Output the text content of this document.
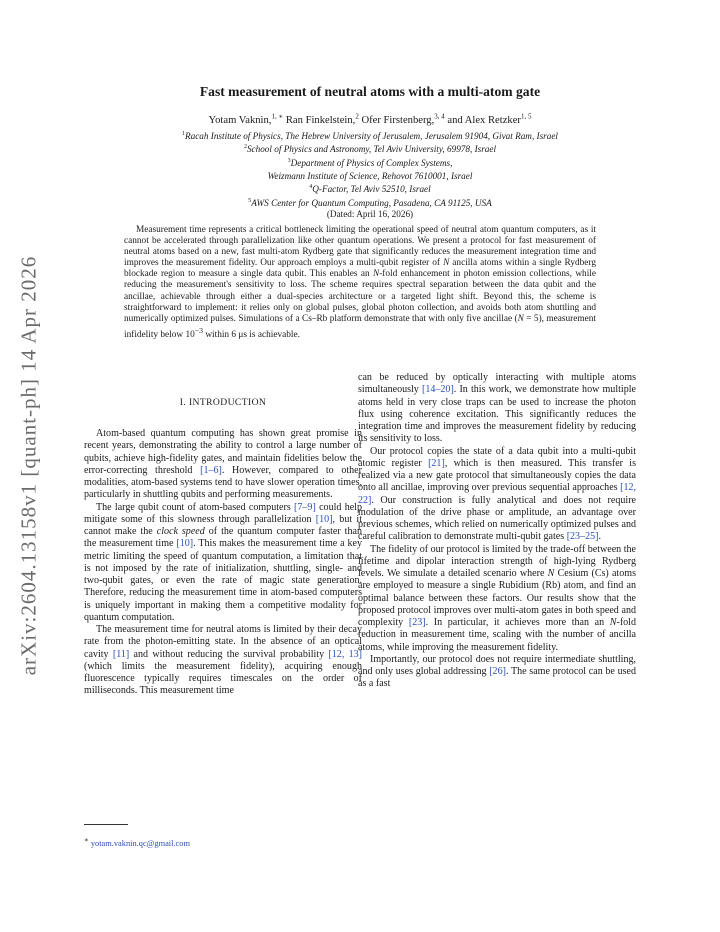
arXiv:2604.13158v1 [quant-ph] 14 Apr 2026
Fast measurement of neutral atoms with a multi-atom gate
Yotam Vaknin,$^{1, ∗}$ Ran Finkelstein,$^2$ Ofer Firstenberg,$^{3, 4}$ and Alex Retzker$^{1, 5}$
$^1$Racah Institute of Physics, The Hebrew University of Jerusalem, Jerusalem 91904, Givat Ram, Israel
$^2$School of Physics and Astronomy, Tel Aviv University, 69978, Israel
$^3$Department of Physics of Complex Systems,
Weizmann Institute of Science, Rehovot 7610001, Israel
$^4$Q-Factor, Tel Aviv 52510, Israel
$^5$AWS Center for Quantum Computing, Pasadena, CA 91125, USA
(Dated: April 16, 2026)
Measurement time represents a critical bottleneck limiting the operational speed of neutral atom quantum computers, as it cannot be accelerated through parallelization like other quantum operations. We present a protocol for fast measurement of neutral atoms based on a new, fast multi-atom Rydberg gate that significantly reduces the measurement integration time and improves the measurement fidelity. Our approach employs a multi-qubit register of N ancilla atoms within a single Rydberg blockade region to measure a single data qubit. This enables an N-fold enhancement in photon emission collections, while reducing the measurement's sensitivity to loss. The scheme requires spectral separation between the data qubit and the ancillae, achievable through either a dual-species architecture or a targeted light shift. Beyond this, the scheme is straightforward to implement: it relies only on global pulses, global photon collection, and avoids both atom shuttling and numerically optimized pulses. Simulations of a Cs–Rb platform demonstrate that with only five ancillae (N = 5), measurement infidelity below $10^{-3}$ within 6 μs is achievable.
I. INTRODUCTION

Atom-based quantum computing has shown great promise in recent years, demonstrating the ability to control a large number of qubits, achieve high-fidelity gates, and maintain fidelities below the error-correcting threshold [1–6]. However, compared to other modalities, atom-based systems tend to have slower operation times, particularly in shuttling qubits and performing measurements.

The large qubit count of atom-based computers [7–9] could help mitigate some of this slowness through parallelization [10], but it cannot make the clock speed of the quantum computer faster than the measurement time [10]. This makes the measurement time a key metric limiting the speed of quantum computation, a limitation that is not imposed by the rate of initialization, shuttling, single- and two-qubit gates, or even the rate of magic state generation. Therefore, reducing the measurement time in atom-based computers is uniquely important in making them a competitive modality for quantum computation.

The measurement time for neutral atoms is limited by their decay rate from the photon-emitting state. In the absence of an optical cavity [11] and without reducing the survival probability [12, 13] (which limits the measurement fidelity), acquiring enough fluorescence typically requires timescales on the order of milliseconds. This measurement time

can be reduced by optically interacting with multiple atoms simultaneously [14–20]. In this work, we demonstrate how multiple atoms held in very close traps can be used to increase the photon flux using coherence excitation. This significantly reduces the integration time and improves the measurement fidelity by reducing its sensitivity to loss.

Our protocol copies the state of a data qubit into a multi-qubit atomic register [21], which is then measured. This transfer is realized via a new gate protocol that simultaneously copies the data onto all ancillae, improving over previous sequential approaches [12, 22]. Our construction is fully analytical and does not require modulation of the drive phase or amplitude, an advantage over previous schemes, which relied on numerically optimized pulses and careful calibration to demonstrate multi-qubit gates [23–25].

The fidelity of our protocol is limited by the trade-off between the lifetime and dipolar interaction strength of high-lying Rydberg levels. We simulate a detailed scenario where N Cesium (Cs) atoms are employed to measure a single Rubidium (Rb) atom, and find an optimal balance between these factors. Our results show that the proposed protocol improves over multi-atom gates in both speed and complexity [23]. In particular, it achieves more than an N-fold reduction in measurement time, scaling with the number of ancilla atoms, while improving the measurement fidelity.

Importantly, our protocol does not require intermediate shuttling, and only uses global addressing [26]. The same protocol can be used as a fast

∗ yotam.vaknin.qc@gmail.com
